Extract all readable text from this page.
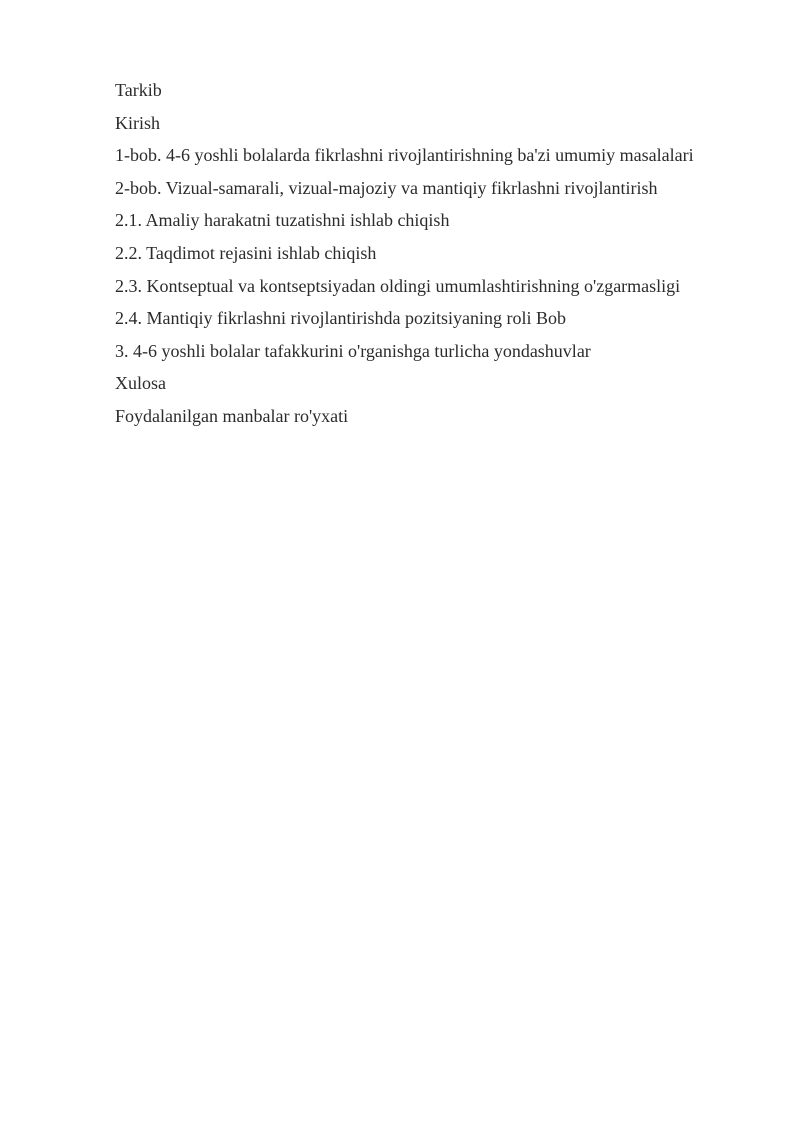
Tarkib
Kirish
1-bob. 4-6 yoshli bolalarda fikrlashni rivojlantirishning ba'zi umumiy masalalari
2-bob. Vizual-samarali, vizual-majoziy va mantiqiy fikrlashni rivojlantirish
2.1. Amaliy harakatni tuzatishni ishlab chiqish
2.2. Taqdimot rejasini ishlab chiqish
2.3. Kontseptual va kontseptsiyadan oldingi umumlashtirishning o'zgarmasligi
2.4. Mantiqiy fikrlashni rivojlantirishda pozitsiyaning roli Bob
3. 4-6 yoshli bolalar tafakkurini o'rganishga turlicha yondashuvlar
Xulosa
Foydalanilgan manbalar ro'yxati
